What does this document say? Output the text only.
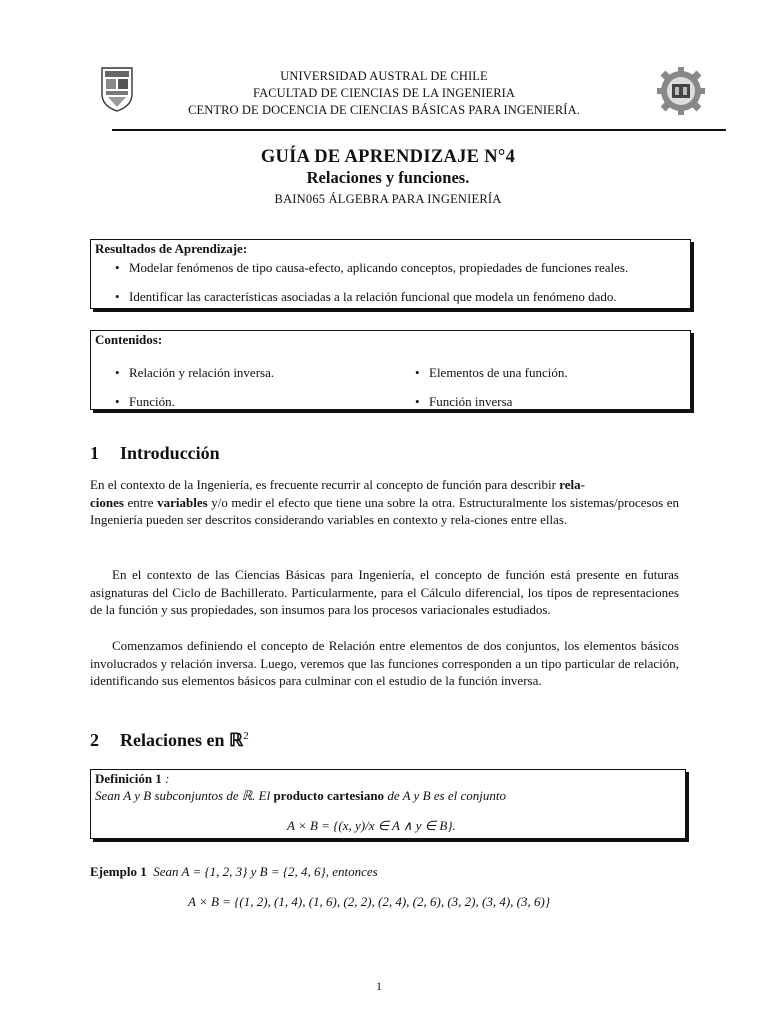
UNIVERSIDAD AUSTRAL DE CHILE
FACULTAD DE CIENCIAS DE LA INGENIERIA
CENTRO DE DOCENCIA DE CIENCIAS BÁSICAS PARA INGENIERÍA.
GUÍA DE APRENDIZAJE N°4
Relaciones y funciones.
BAIN065 ÁLGEBRA PARA INGENIERÍA
Resultados de Aprendizaje:
• Modelar fenómenos de tipo causa-efecto, aplicando conceptos, propiedades de funciones reales.
• Identificar las características asociadas a la relación funcional que modela un fenómeno dado.
Contenidos:
• Relación y relación inversa.	• Elementos de una función.
• Función.	• Función inversa
1 Introducción
En el contexto de la Ingeniería, es frecuente recurrir al concepto de función para describir rela-
ciones entre variables y/o medir el efecto que tiene una sobre la otra. Estructuralmente los sistemas/procesos en Ingeniería pueden ser descritos considerando variables en contexto y rela-ciones entre ellas.
En el contexto de las Ciencias Básicas para Ingeniería, el concepto de función está presente en futuras asignaturas del Ciclo de Bachillerato. Particularmente, para el Cálculo diferencial, los tipos de representaciones de la función y sus propiedades, son insumos para los procesos variacionales estudiados.
Comenzamos definiendo el concepto de Relación entre elementos de dos conjuntos, los elementos básicos involucrados y relación inversa. Luego, veremos que las funciones corresponden a un tipo particular de relación, identificando sus elementos básicos para culminar con el estudio de la función inversa.
2 Relaciones en ℝ$^2$
Definición 1 :
Sean A y B subconjuntos de ℝ. El producto cartesiano de A y B es el conjunto
A × B = {(x, y)/x ∈ A ∧ y ∈ B}.
Ejemplo 1 Sean A = {1, 2, 3} y B = {2, 4, 6}, entonces
A × B = {(1, 2), (1, 4), (1, 6), (2, 2), (2, 4), (2, 6), (3, 2), (3, 4), (3, 6)}
1
